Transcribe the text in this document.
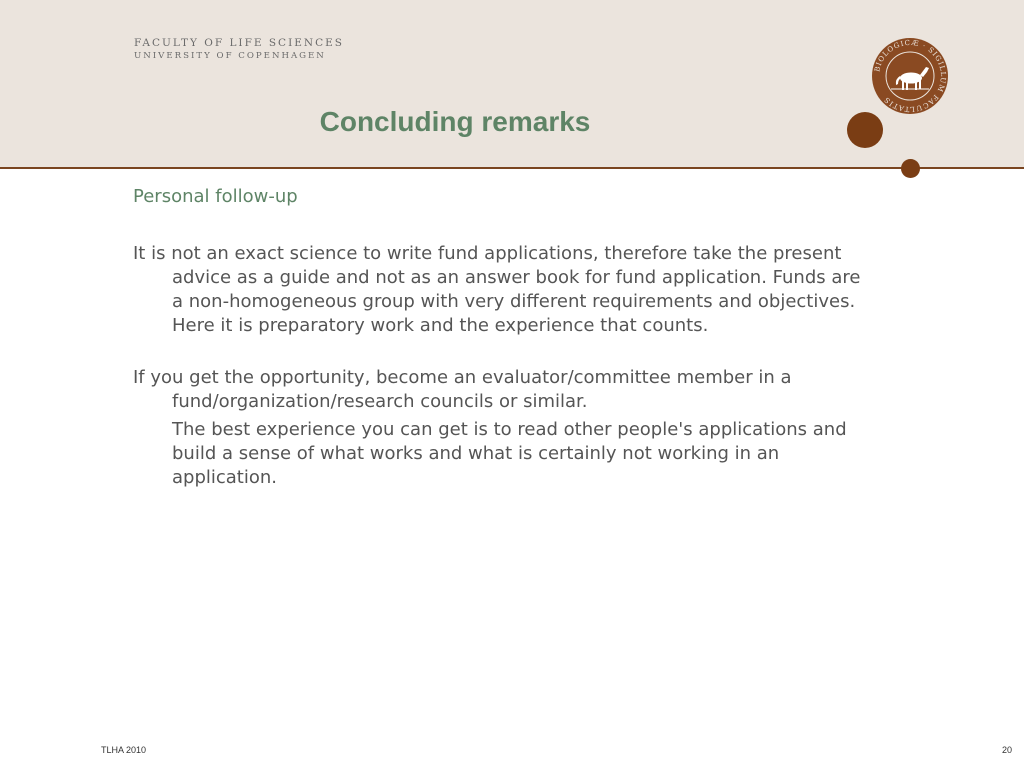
FACULTY OF LIFE SCIENCES
UNIVERSITY OF COPENHAGEN
Concluding remarks
BIOLOGICÆ · SIGILLUM FACULTATIS
Personal follow-up

It is not an exact science to write fund applications, therefore take the present advice as a guide and not as an answer book for fund application. Funds are a non-homogeneous group with very different requirements and objectives. Here it is preparatory work and the experience that counts.

If you get the opportunity, become an evaluator/committee member in a fund/organization/research councils or similar.

The best experience you can get is to read other people's applications and build a sense of what works and what is certainly not working in an application.

TLHA 2010	20
